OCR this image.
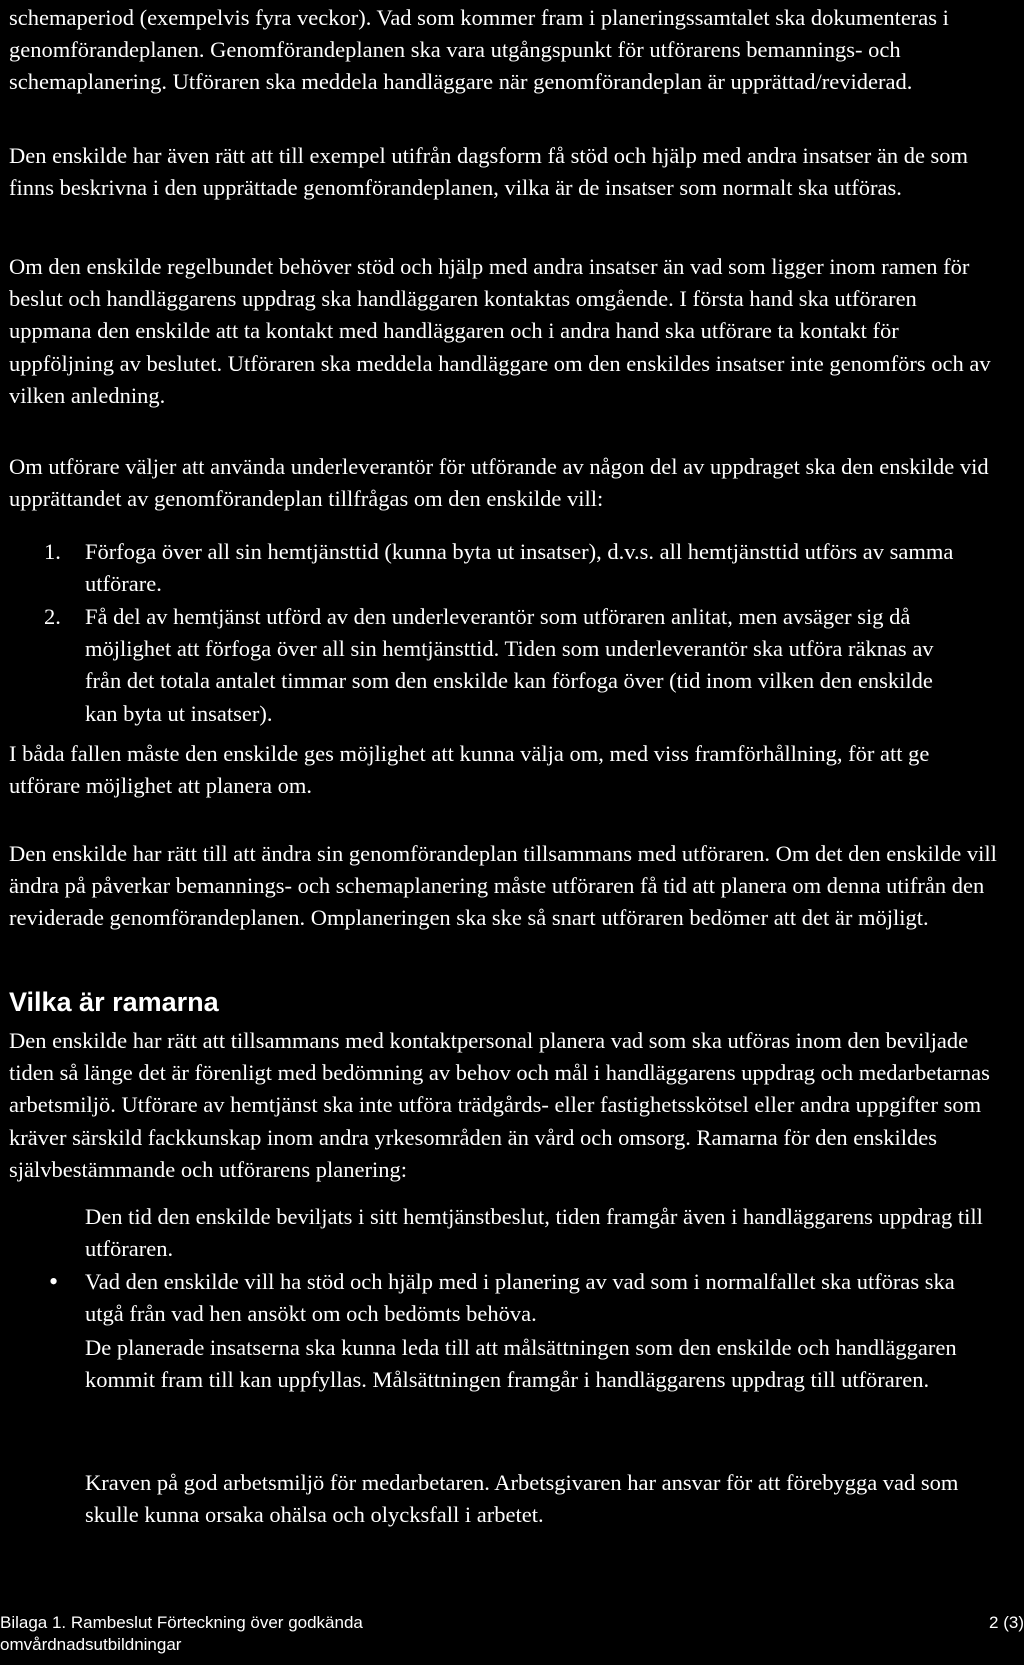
schemaperiod (exempelvis fyra veckor). Vad som kommer fram i planeringssamtalet ska dokumenteras i genomförandeplanen. Genomförandeplanen ska vara utgångspunkt för utförarens bemannings- och schemaplanering. Utföraren ska meddela handläggare när genomförandeplan är upprättad/reviderad.

Den enskilde har även rätt att till exempel utifrån dagsform få stöd och hjälp med andra insatser än de som finns beskrivna i den upprättade genomförandeplanen, vilka är de insatser som normalt ska utföras.

Om den enskilde regelbundet behöver stöd och hjälp med andra insatser än vad som ligger inom ramen för beslut och handläggarens uppdrag ska handläggaren kontaktas omgående. I första hand ska utföraren uppmana den enskilde att ta kontakt med handläggaren och i andra hand ska utförare ta kontakt för uppföljning av beslutet. Utföraren ska meddela handläggare om den enskildes insatser inte genomförs och av vilken anledning.

Om utförare väljer att använda underleverantör för utförande av någon del av uppdraget ska den enskilde vid upprättandet av genomförandeplan tillfrågas om den enskilde vill:

1. Förfoga över all sin hemtjänsttid (kunna byta ut insatser), d.v.s. all hemtjänsttid utförs av samma utförare.
2. Få del av hemtjänst utförd av den underleverantör som utföraren anlitat, men avsäger sig då möjlighet att förfoga över all sin hemtjänsttid. Tiden som underleverantör ska utföra räknas av från det totala antalet timmar som den enskilde kan förfoga över (tid inom vilken den enskilde kan byta ut insatser).

I båda fallen måste den enskilde ges möjlighet att kunna välja om, med viss framförhållning, för att ge utförare möjlighet att planera om.

Den enskilde har rätt till att ändra sin genomförandeplan tillsammans med utföraren. Om det den enskilde vill ändra på påverkar bemannings- och schemaplanering måste utföraren få tid att planera om denna utifrån den reviderade genomförandeplanen. Omplaneringen ska ske så snart utföraren bedömer att det är möjligt.

Vilka är ramarna

Den enskilde har rätt att tillsammans med kontaktpersonal planera vad som ska utföras inom den beviljade tiden så länge det är förenligt med bedömning av behov och mål i handläggarens uppdrag och medarbetarnas arbetsmiljö. Utförare av hemtjänst ska inte utföra trädgårds- eller fastighetsskötsel eller andra uppgifter som kräver särskild fackkunskap inom andra yrkesområden än vård och omsorg. Ramarna för den enskildes självbestämmande och utförarens planering:

Den tid den enskilde beviljats i sitt hemtjänstbeslut, tiden framgår även i handläggarens uppdrag till utföraren.
• Vad den enskilde vill ha stöd och hjälp med i planering av vad som i normalfallet ska utföras ska utgå från vad hen ansökt om och bedömts behöva.
De planerade insatserna ska kunna leda till att målsättningen som den enskilde och handläggaren kommit fram till kan uppfyllas. Målsättningen framgår i handläggarens uppdrag till utföraren.
Kraven på god arbetsmiljö för medarbetaren. Arbetsgivaren har ansvar för att förebygga vad som skulle kunna orsaka ohälsa och olycksfall i arbetet.
Bilaga 1. Rambeslut Förteckning över godkända omvårdnadsutbildningar
2 (3)
